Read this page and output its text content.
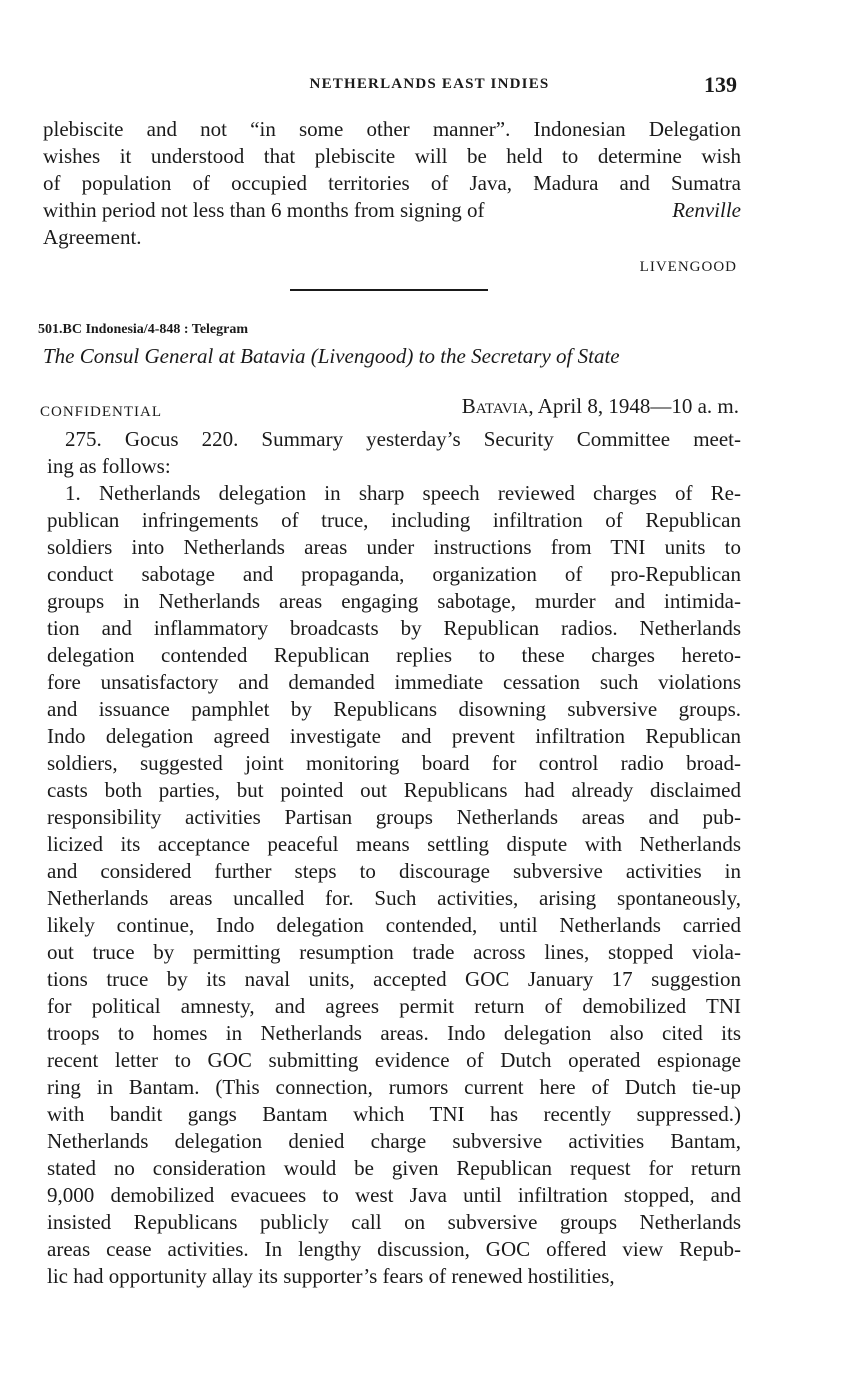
NETHERLANDS EAST INDIES	139
plebiscite and not “in some other manner”. Indonesian Delegation
wishes it understood that plebiscite will be held to determine wish
of population of occupied territories of Java, Madura and Sumatra
within period not less than 6 months from signing of	Renville
Agreement.
LIVENGOOD
501.BC Indonesia/4-848 : Telegram
The Consul General at Batavia (Livengood) to the Secretary of State
CONFIDENTIAL	Batavia, April 8, 1948—10 a. m.
275. Gocus 220. Summary yesterday’s Security Committee meet-
ing as follows:
1. Netherlands delegation in sharp speech reviewed charges of Re-
publican infringements of truce, including infiltration of Republican
soldiers into Netherlands areas under instructions from TNI units to
conduct sabotage and propaganda, organization of pro-Republican
groups in Netherlands areas engaging sabotage, murder and intimida-
tion and inflammatory broadcasts by Republican radios. Netherlands
delegation contended Republican replies to these charges hereto-
fore unsatisfactory and demanded immediate cessation such violations
and issuance pamphlet by Republicans disowning subversive groups.
Indo delegation agreed investigate and prevent infiltration Republican
soldiers, suggested joint monitoring board for control radio broad-
casts both parties, but pointed out Republicans had already disclaimed
responsibility activities Partisan groups Netherlands areas and pub-
licized its acceptance peaceful means settling dispute with Netherlands
and considered further steps to discourage subversive activities in
Netherlands areas uncalled for. Such activities, arising spontaneously,
likely continue, Indo delegation contended, until Netherlands carried
out truce by permitting resumption trade across lines, stopped viola-
tions truce by its naval units, accepted GOC January 17 suggestion
for political amnesty, and agrees permit return of demobilized TNI
troops to homes in Netherlands areas. Indo delegation also cited its
recent letter to GOC submitting evidence of Dutch operated espionage
ring in Bantam. (This connection, rumors current here of Dutch tie-up
with bandit gangs Bantam which TNI has recently suppressed.)
Netherlands delegation denied charge subversive activities Bantam,
stated no consideration would be given Republican request for return
9,000 demobilized evacuees to west Java until infiltration stopped, and
insisted Republicans publicly call on subversive groups Netherlands
areas cease activities. In lengthy discussion, GOC offered view Repub-
lic had opportunity allay its supporter’s fears of renewed hostilities,
